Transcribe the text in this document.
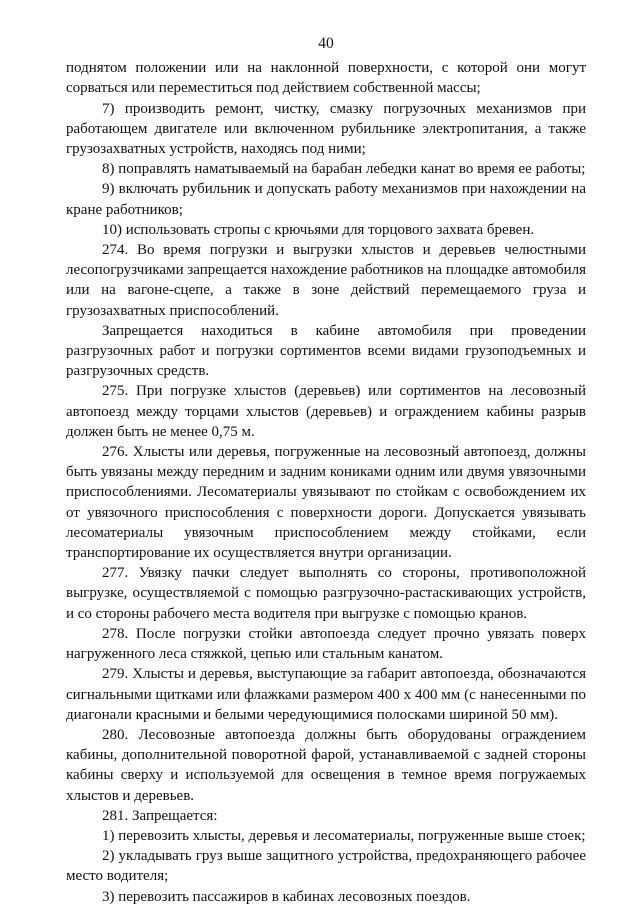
40

поднятом положении или на наклонной поверхности, с которой они могут сорваться или переместиться под действием собственной массы;

7) производить ремонт, чистку, смазку погрузочных механизмов при работающем двигателе или включенном рубильнике электропитания, а также грузозахватных устройств, находясь под ними;

8) поправлять наматываемый на барабан лебедки канат во время ее работы;

9) включать рубильник и допускать работу механизмов при нахождении на кране работников;

10) использовать стропы с крючьями для торцового захвата бревен.

274. Во время погрузки и выгрузки хлыстов и деревьев челюстными лесопогрузчиками запрещается нахождение работников на площадке автомобиля или на вагоне-сцепе, а также в зоне действий перемещаемого груза и грузозахватных приспособлений.

Запрещается находиться в кабине автомобиля при проведении разгрузочных работ и погрузки сортиментов всеми видами грузоподъемных и разгрузочных средств.

275. При погрузке хлыстов (деревьев) или сортиментов на лесовозный автопоезд между торцами хлыстов (деревьев) и ограждением кабины разрыв должен быть не менее 0,75 м.

276. Хлысты или деревья, погруженные на лесовозный автопоезд, должны быть увязаны между передним и задним кониками одним или двумя увязочными приспособлениями. Лесоматериалы увязывают по стойкам с освобождением их от увязочного приспособления с поверхности дороги. Допускается увязывать лесоматериалы увязочным приспособлением между стойками, если транспортирование их осуществляется внутри организации.

277. Увязку пачки следует выполнять со стороны, противоположной выгрузке, осуществляемой с помощью разгрузочно-растаскивающих устройств, и со стороны рабочего места водителя при выгрузке с помощью кранов.

278. После погрузки стойки автопоезда следует прочно увязать поверх нагруженного леса стяжкой, цепью или стальным канатом.

279. Хлысты и деревья, выступающие за габарит автопоезда, обозначаются сигнальными щитками или флажками размером 400 х 400 мм (с нанесенными по диагонали красными и белыми чередующимися полосками шириной 50 мм).

280. Лесовозные автопоезда должны быть оборудованы ограждением кабины, дополнительной поворотной фарой, устанавливаемой с задней стороны кабины сверху и используемой для освещения в темное время погружаемых хлыстов и деревьев.

281. Запрещается:

1) перевозить хлысты, деревья и лесоматериалы, погруженные выше стоек;

2) укладывать груз выше защитного устройства, предохраняющего рабочее место водителя;

3) перевозить пассажиров в кабинах лесовозных поездов.
